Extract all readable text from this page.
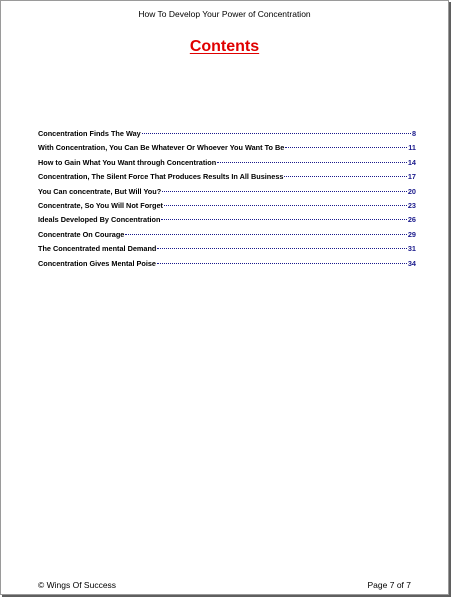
How To Develop Your Power of Concentration
Contents
Concentration Finds The Way	8
With Concentration, You Can Be Whatever Or Whoever You Want To Be	11
How to Gain What You Want through Concentration	14
Concentration, The Silent Force That Produces Results In All Business	17
You Can concentrate, But Will You?	20
Concentrate, So You Will Not Forget	23
Ideals Developed By Concentration	26
Concentrate On Courage	29
The Concentrated mental Demand	31
Concentration Gives Mental Poise	34
© Wings Of Success	Page 7 of 7
